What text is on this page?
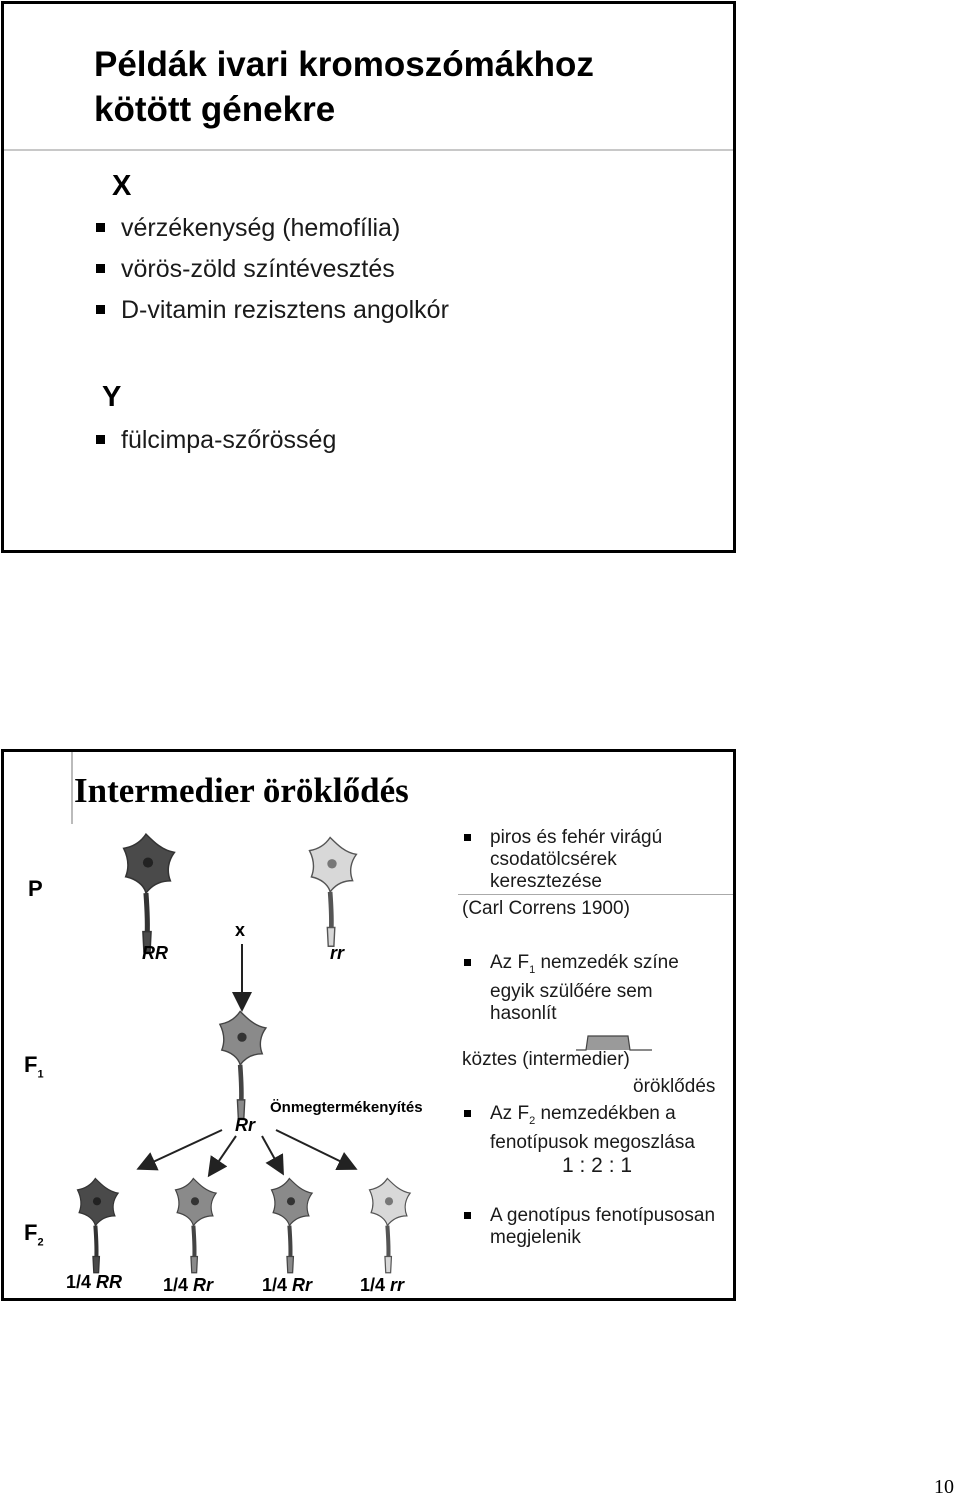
Példák ivari kromoszómákhoz
kötött génekre
X
vérzékenység (hemofília)
vörös-zöld színtévesztés
D-vitamin rezisztens angolkór
Y
fülcimpa-szőrösség
Intermedier öröklődés
P
$F_1$
$F_2$
RR	rr
x
Rr
Önmegtermékenyítés
1/4 RR 1/4 Rr	1/4 Rr	1/4 rr
piros és fehér virágú
csodatölcsérek
keresztezése
(Carl Correns 1900)
Az $F_1$ nemzedék színe
egyik szülőére sem
hasonlít
köztes (intermedier)
öröklődés
Az $F_2$ nemzedékben a
fenotípusok megoszlása
1 : 2 : 1
A genotípus fenotípusosan
megjelenik
10
